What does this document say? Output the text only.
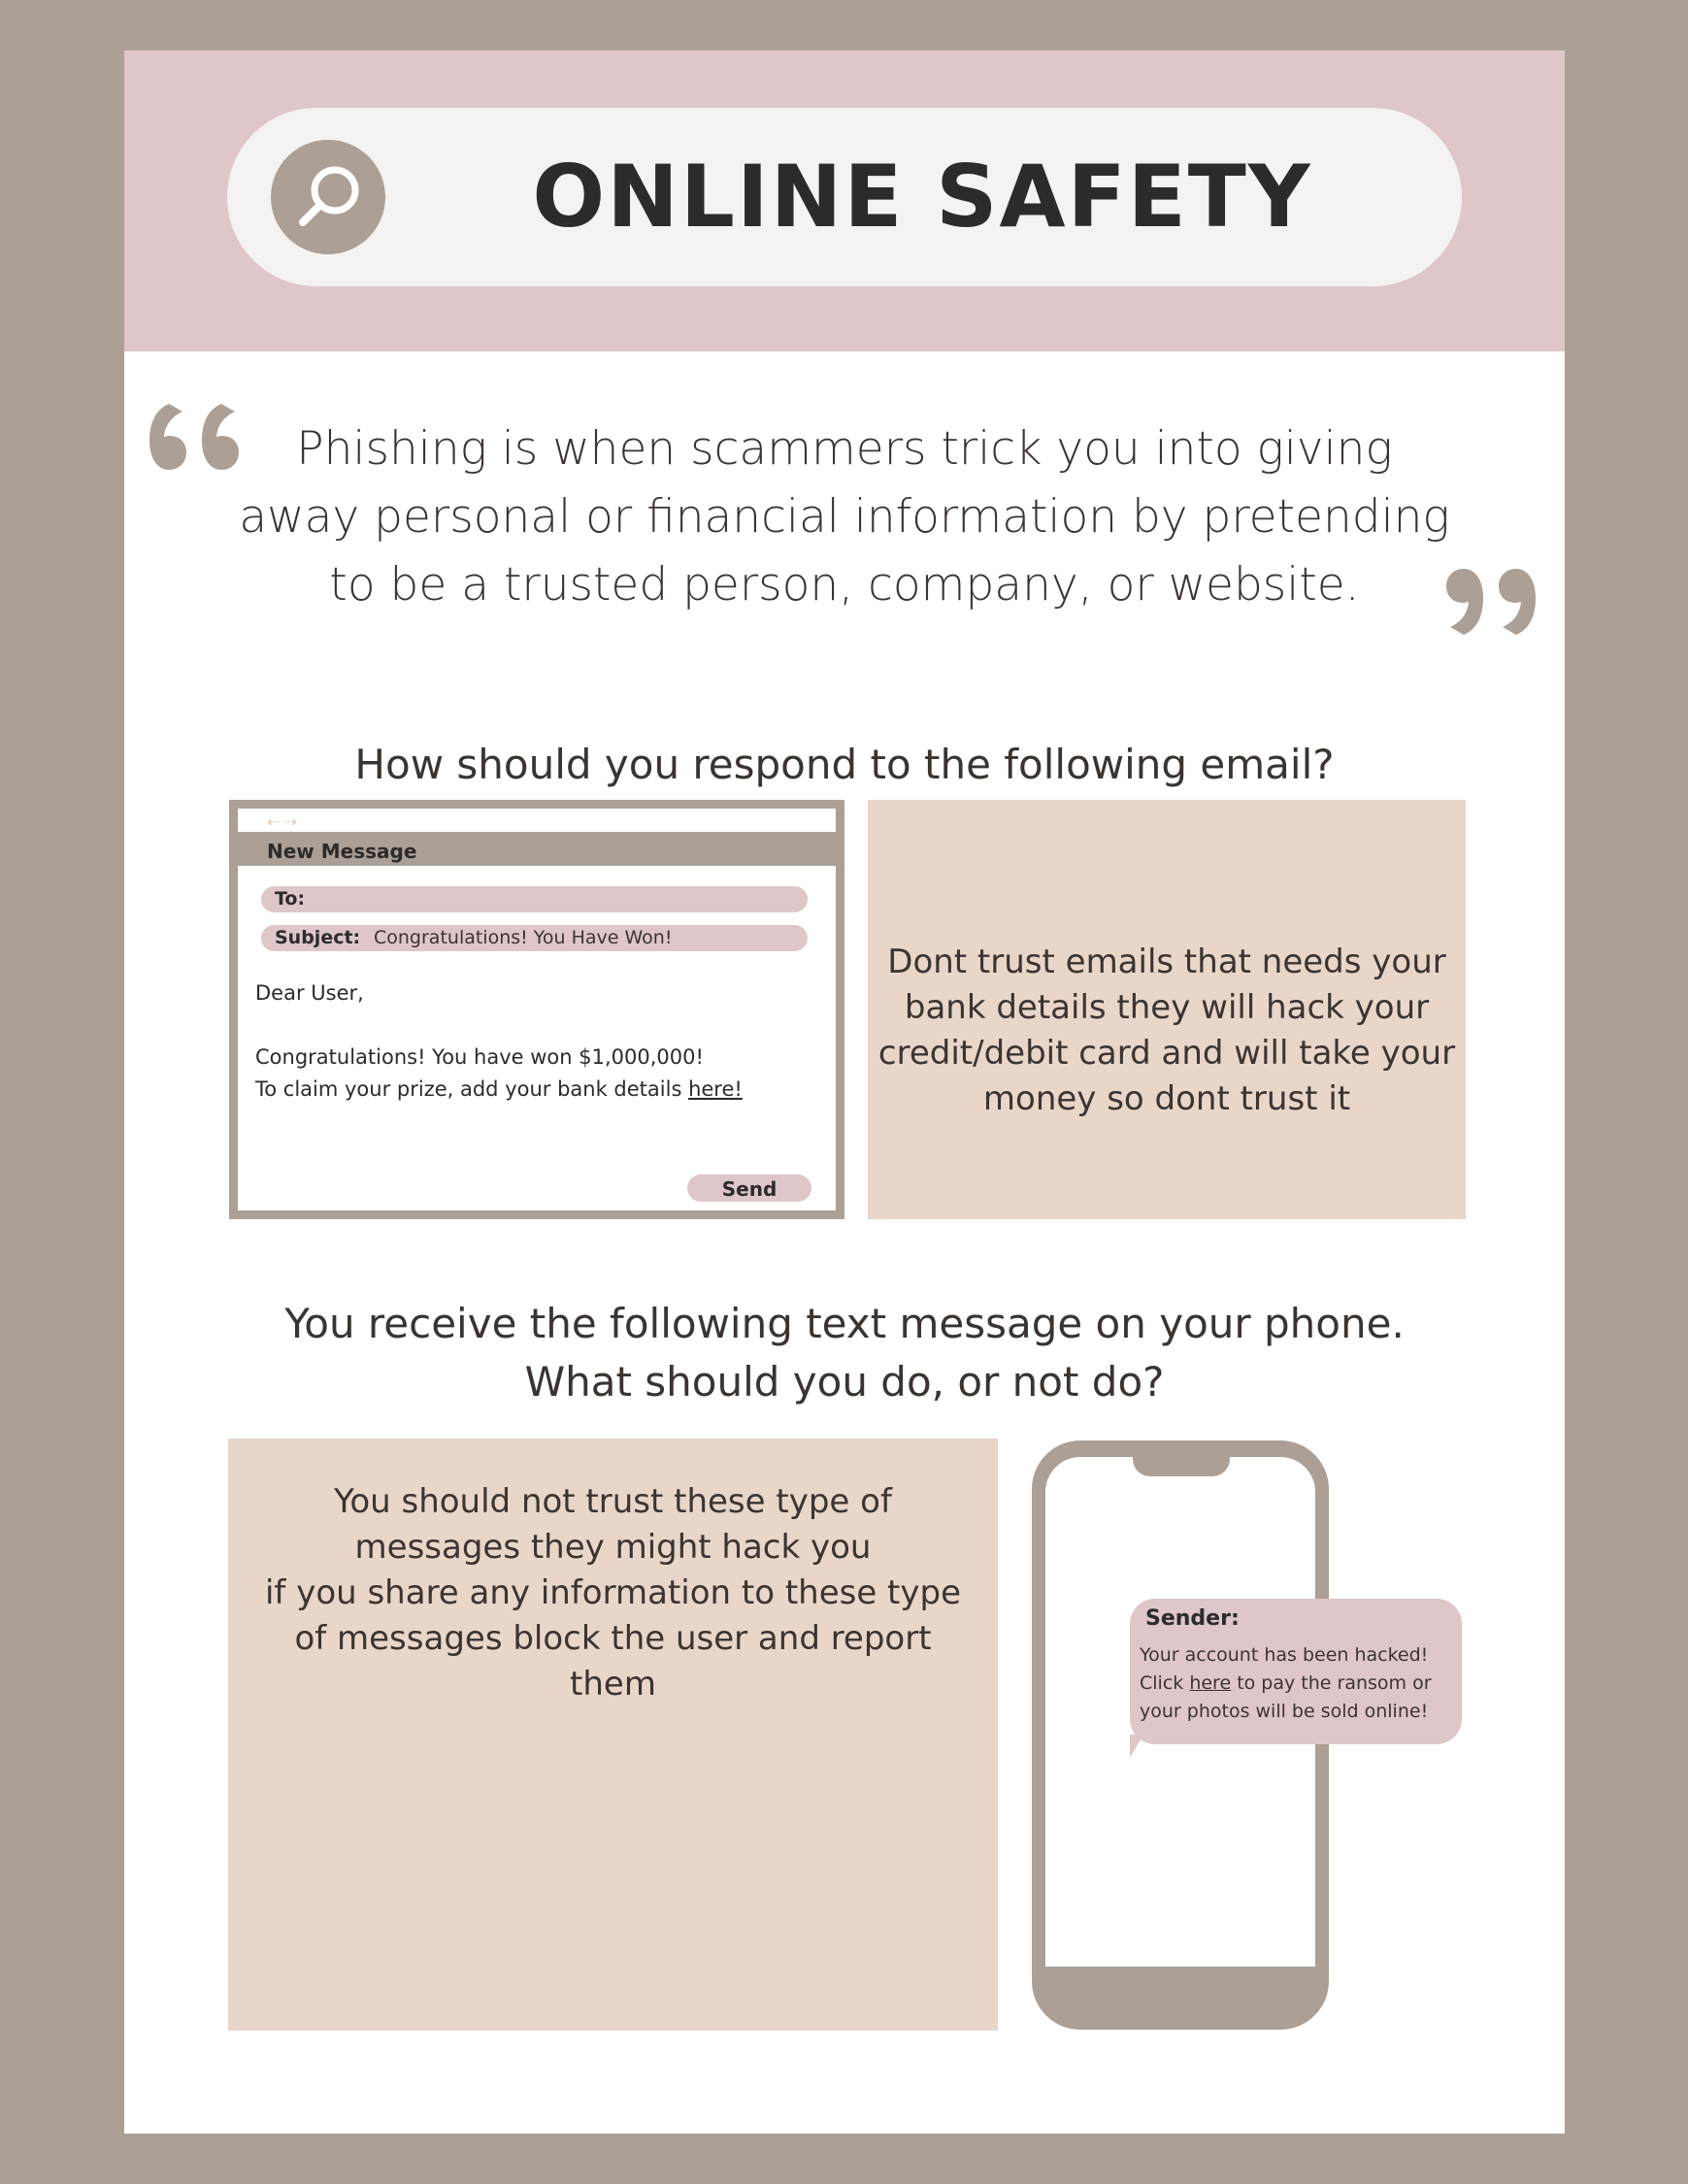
ONLINE SAFETY
Phishing is when scammers trick you into giving
away personal or financial information by pretending
to be a trusted person, company, or website.
How should you respond to the following email?
⇠⇢
New Message
To:
Subject: Congratulations! You Have Won!
Dear User,
Congratulations! You have won $1,000,000!
To claim your prize, add your bank details here!
Send
Dont trust emails that needs your bank details they will hack your credit/debit card and will take your money so dont trust it
You receive the following text message on your phone.
What should you do, or not do?
You should not trust these type of messages they might hack you
if you share any information to these type of messages block the user and report them
Sender:
Your account has been hacked!
Click here to pay the ransom or
your photos will be sold online!
